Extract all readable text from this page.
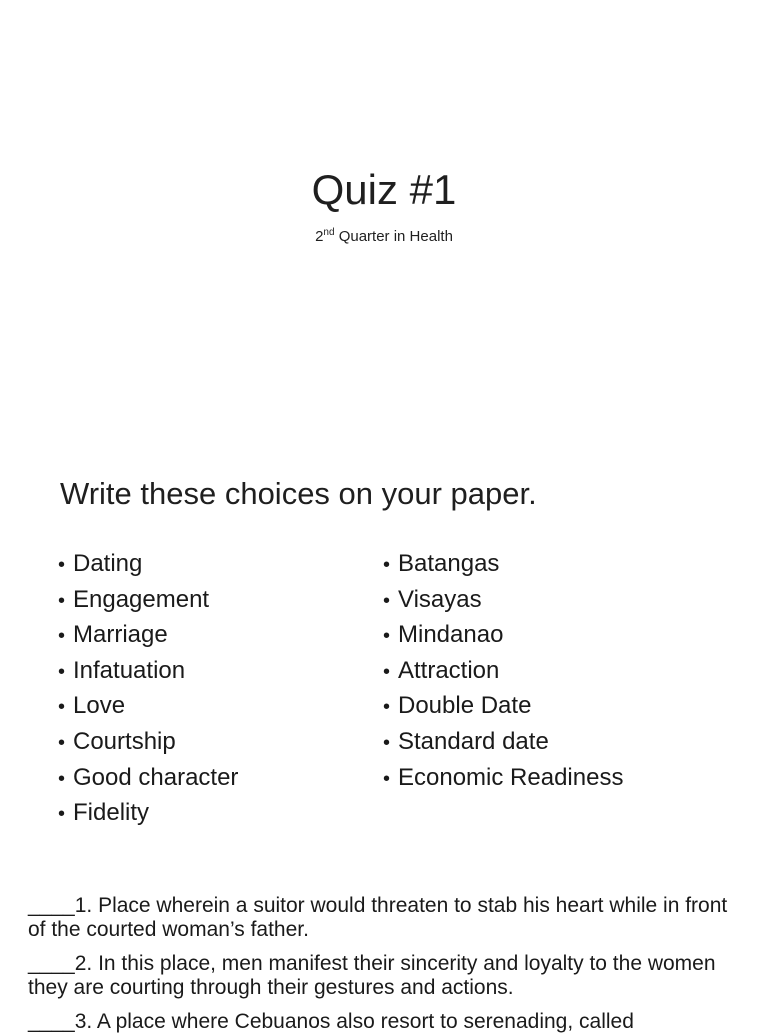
Quiz #1
2nd Quarter in Health
Write these choices on your paper.
• Dating
• Engagement
• Marriage
• Infatuation
• Love
• Courtship
• Good character
• Fidelity
• Batangas
• Visayas
• Mindanao
• Attraction
• Double Date
• Standard date
• Economic Readiness
____1. Place wherein a suitor would threaten to stab his heart while in front of the courted woman’s father.
____2. In this place, men manifest their sincerity and loyalty to the women they are courting through their gestures and actions.
____3. A place where Cebuanos also resort to serenading, called
